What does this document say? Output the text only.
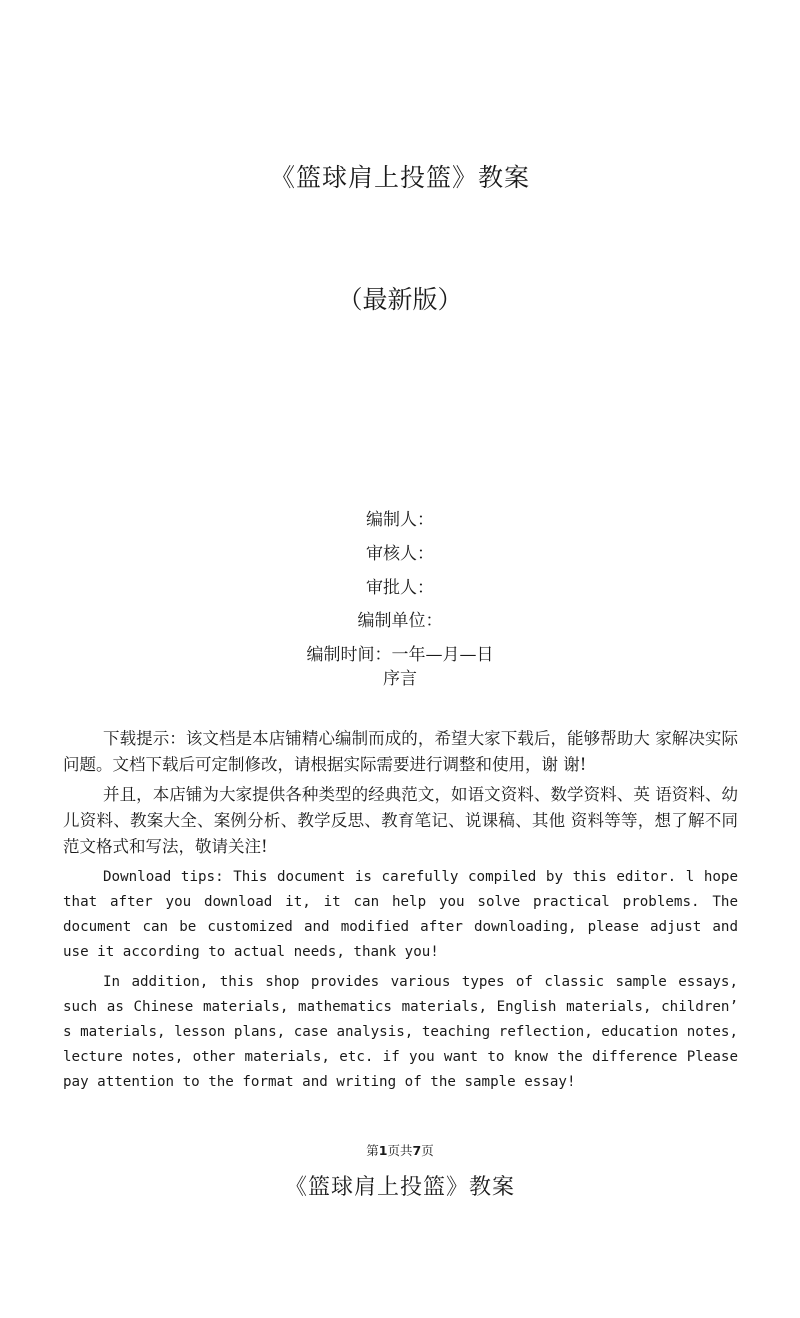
《篮球肩上投篮》教案
（最新版）
编制人：
审核人：
审批人：
编制单位：
编制时间：一年—月—日
序言

下载提示：该文档是本店铺精心编制而成的，希望大家下载后，能够帮助大 家解决实际问题。文档下载后可定制修改，请根据实际需要进行调整和使用，谢 谢!

并且，本店铺为大家提供各种类型的经典范文，如语文资料、数学资料、英 语资料、幼儿资料、教案大全、案例分析、教学反思、教育笔记、说课稿、其他 资料等等，想了解不同范文格式和写法，敬请关注!

Download tips: This document is carefully compiled by this editor. l hope that after you download it, it can help you solve practical problems. The document can be customized and modified after downloading, please adjust and use it according to actual needs, thank you!

In addition, this shop provides various types of classic sample essays, such as Chinese materials, mathematics materials, English materials, children’ s materials, lesson plans, case analysis, teaching reflection, education notes, lecture notes, other materials, etc. if you want to know the difference Please pay attention to the format and writing of the sample essay!

第1页共7页
《篮球肩上投篮》教案
